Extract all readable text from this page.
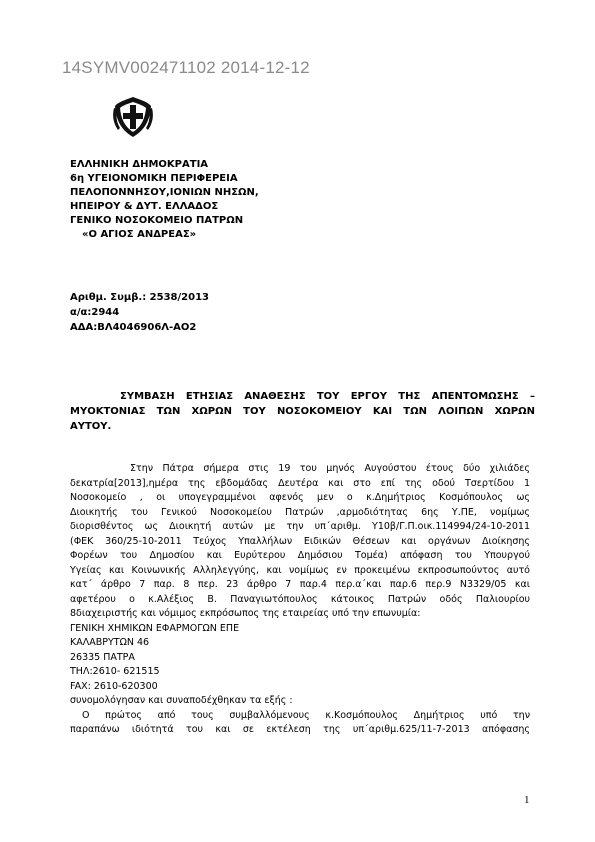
14SYMV002471102 2014-12-12
ΕΛΛΗΝΙΚΗ ΔΗΜΟΚΡΑΤΙΑ
6η ΥΓΕΙΟΝΟΜΙΚΗ ΠΕΡΙΦΕΡΕΙΑ
ΠΕΛΟΠΟΝΝΗΣΟΥ,ΙΟΝΙΩΝ ΝΗΣΩΝ,
ΗΠΕΙΡΟΥ & ΔΥΤ. ΕΛΛΑΔΟΣ
ΓΕΝΙΚΟ ΝΟΣΟΚΟΜΕΙΟ ΠΑΤΡΩΝ
«Ο ΑΓΙΟΣ ΑΝΔΡΕΑΣ»
Αριθμ. Συμβ.: 2538/2013
α/α:2944
ΑΔΑ:ΒΛ4046906Λ-ΑΟ2
ΣΥΜΒΑΣΗ ΕΤΗΣΙΑΣ ΑΝΑΘΕΣΗΣ ΤΟΥ ΕΡΓΟΥ ΤΗΣ ΑΠΕΝΤΟΜΩΣΗΣ –
ΜΥΟΚΤΟΝΙΑΣ ΤΩΝ ΧΩΡΩΝ ΤΟΥ ΝΟΣΟΚΟΜΕΙΟΥ ΚΑΙ ΤΩΝ ΛΟΙΠΩΝ ΧΩΡΩΝ
ΑΥΤΟΥ.
Στην Πάτρα σήμερα στις 19 του μηνός Αυγούστου έτους δύο χιλιάδες
δεκατρία[2013],ημέρα της εβδομάδας Δευτέρα και στο επί της οδού Τσερτίδου 1
Νοσοκομείο , οι υπογεγραμμένοι αφενός μεν ο κ.Δημήτριος Κοσμόπουλος ως
Διοικητής του Γενικού Νοσοκομείου Πατρών ,αρμοδιότητας 6ης Υ.ΠΕ, νομίμως
διορισθέντος ως Διοικητή αυτών με την υπ΄αριθμ. Υ10β/Γ.Π.οικ.114994/24-10-2011
(ΦΕΚ 360/25-10-2011 Τεύχος Υπαλλήλων Ειδικών Θέσεων και οργάνων Διοίκησης
Φορέων του Δημοσίου και Ευρύτερου Δημόσιου Τομέα) απόφαση του Υπουργού
Υγείας και Κοινωνικής Αλληλεγγύης, και νομίμως εν προκειμένω εκπροσωπούντος αυτό
κατ΄ άρθρο 7 παρ. 8 περ. 23 άρθρο 7 παρ.4 περ.α΄και παρ.6 περ.9 Ν3329/05 και
αφετέρου ο κ.Αλέξιος Β. Παναγιωτόπουλος κάτοικος Πατρών οδός Παλιουρίου
8διαχειριστής και νόμιμος εκπρόσωπος της εταιρείας υπό την επωνυμία:
ΓΕΝΙΚΗ ΧΗΜΙΚΩΝ ΕΦΑΡΜΟΓΩΝ ΕΠΕ
ΚΑΛΑΒΡΥΤΩΝ 46
26335 ΠΑΤΡΑ
ΤΗΛ:2610- 621515
FAX: 2610-620300
συνομολόγησαν και συναποδέχθηκαν τα εξής :
Ο πρώτος από τους συμβαλλόμενους κ.Κοσμόπουλος Δημήτριος υπό την
παραπάνω ιδιότητά του και σε εκτέλεση της υπ΄αριθμ.625/11-7-2013 απόφασης
1
